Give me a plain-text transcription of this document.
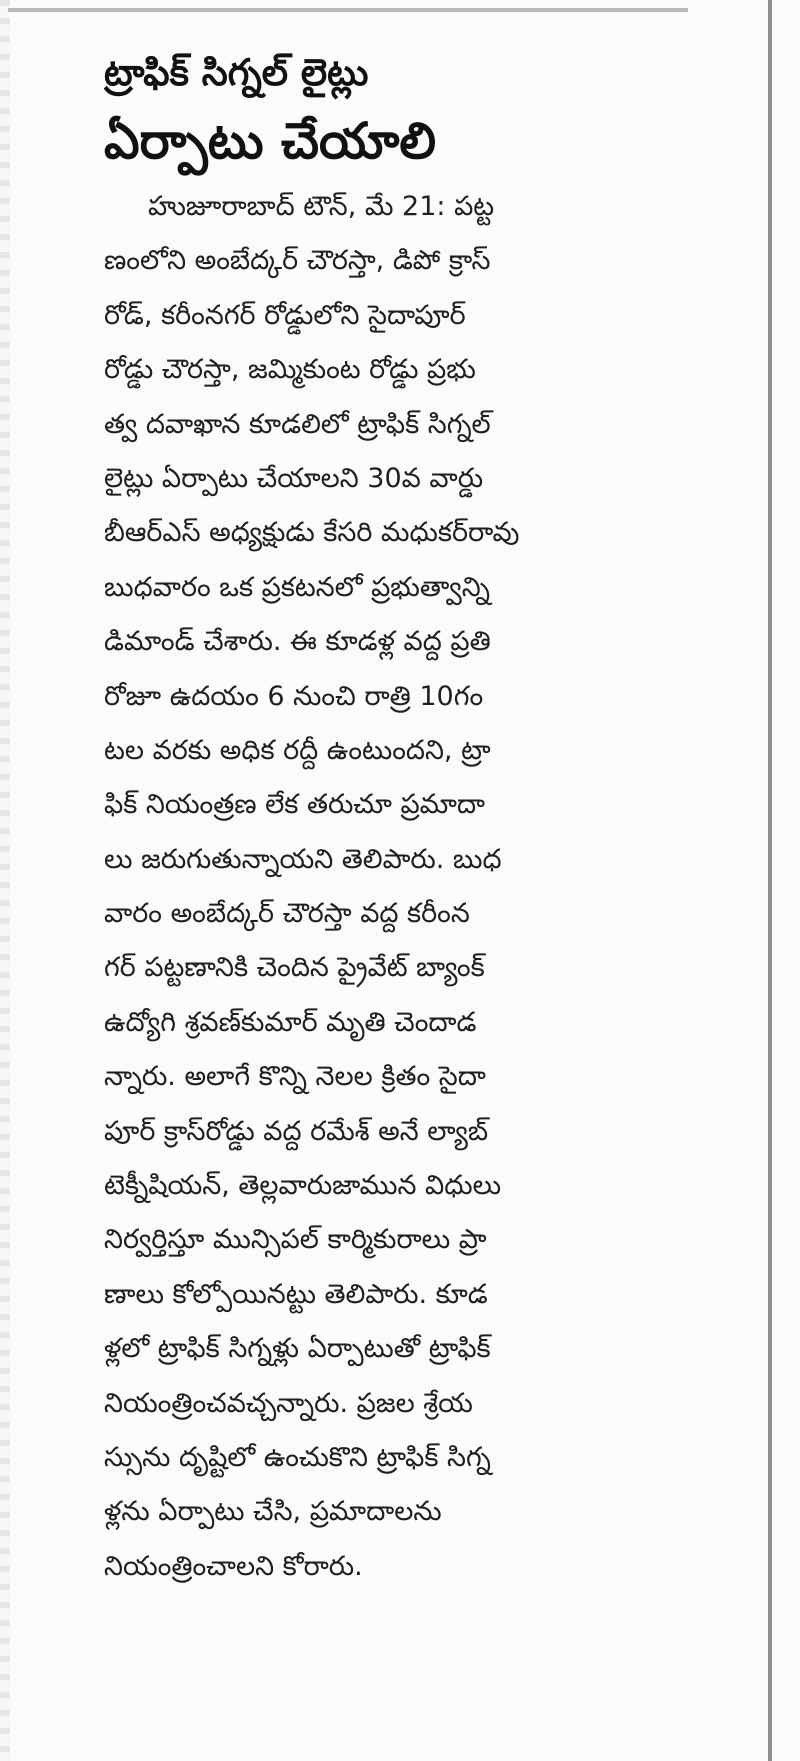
ట్రాఫిక్ సిగ్నల్ లైట్లు
ఏర్పాటు చేయాలి
హుజూరాబాద్ టౌన్, మే 21: పట్ట
ణంలోని అంబేద్కర్ చౌరస్తా, డిపో క్రాస్
రోడ్, కరీంనగర్ రోడ్డులోని సైదాపూర్
రోడ్డు చౌరస్తా, జమ్మికుంట రోడ్డు ప్రభు
త్వ దవాఖాన కూడలిలో ట్రాఫిక్ సిగ్నల్
లైట్లు ఏర్పాటు చేయాలని 30వ వార్డు
బీఆర్ఎస్ అధ్యక్షుడు కేసరి మధుకర్‌రావు
బుధవారం ఒక ప్రకటనలో ప్రభుత్వాన్ని
డిమాండ్ చేశారు. ఈ కూడళ్ల వద్ద ప్రతి
రోజూ ఉదయం 6 నుంచి రాత్రి 10గం
టల వరకు అధిక రద్దీ ఉంటుందని, ట్రా
ఫిక్ నియంత్రణ లేక తరుచూ ప్రమాదా
లు జరుగుతున్నాయని తెలిపారు. బుధ
వారం అంబేద్కర్ చౌరస్తా వద్ద కరీంన
గర్ పట్టణానికి చెందిన ప్రైవేట్ బ్యాంక్
ఉద్యోగి శ్రవణ్‌కుమార్ మృతి చెందాడ
న్నారు. అలాగే కొన్ని నెలల క్రితం సైదా
పూర్ క్రాస్‌రోడ్డు వద్ద రమేశ్ అనే ల్యాబ్
టెక్నీషియన్, తెల్లవారుజామున విధులు
నిర్వర్తిస్తూ మున్సిపల్ కార్మికురాలు ప్రా
ణాలు కోల్పోయినట్టు తెలిపారు. కూడ
ళ్లలో ట్రాఫిక్ సిగ్నళ్లు ఏర్పాటుతో ట్రాఫిక్
నియంత్రించవచ్చన్నారు. ప్రజల శ్రేయ
స్సును దృష్టిలో ఉంచుకొని ట్రాఫిక్ సిగ్న
ళ్లను ఏర్పాటు చేసి, ప్రమాదాలను
నియంత్రించాలని కోరారు.
